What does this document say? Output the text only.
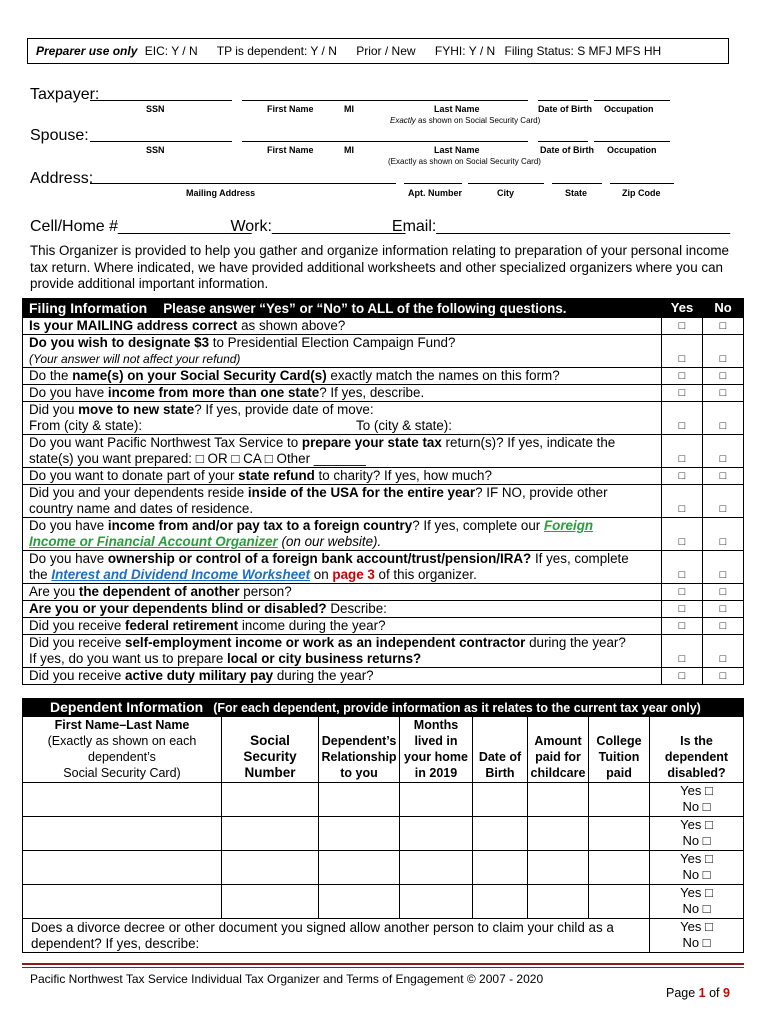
Preparer use only EIC: Y / N TP is dependent: Y / N Prior / New FYHI: Y / N Filing Status: S MFJ MFS HH
Taxpayer:
SSN	First Name	MI	Last Name	Date of Birth Occupation
Exactly as shown on Social Security Card)
Spouse:
SSN	First Name	MI	Last Name	Date of Birth Occupation
(Exactly as shown on Social Security Card)
Address:
Mailing Address	Apt. Number	City	State	Zip Code
Cell/Home #_______________ Work:_______________ Email:_________________________________
This Organizer is provided to help you gather and organize information relating to preparation of your personal income tax return. Where indicated, we have provided additional worksheets and other specialized organizers where you can provide additional important information.
Filing Information Please answer “Yes” or “No” to ALL of the following questions.	Yes	No
Is your MAILING address correct as shown above?	□	□
Do you wish to designate $3 to Presidential Election Campaign Fund?
(Your answer will not affect your refund)	□	□
Do the name(s) on your Social Security Card(s) exactly match the names on this form?	□	□
Do you have income from more than one state? If yes, describe.	□	□
Did you move to new state? If yes, provide date of move:
From (city & state): To (city & state):	□	□
Do you want Pacific Northwest Tax Service to prepare your state tax return(s)? If yes, indicate the
state(s) you want prepared: □ OR □ CA □ Other _______	□	□
Do you want to donate part of your state refund to charity? If yes, how much?	□	□
Did you and your dependents reside inside of the USA for the entire year? IF NO, provide other
country name and dates of residence.	□	□
Do you have income from and/or pay tax to a foreign country? If yes, complete our Foreign
Income or Financial Account Organizer (on our website).	□	□
Do you have ownership or control of a foreign bank account/trust/pension/IRA? If yes, complete
the Interest and Dividend Income Worksheet on page 3 of this organizer.	□	□
Are you the dependent of another person?	□	□
Are you or your dependents blind or disabled? Describe:	□	□
Did you receive federal retirement income during the year?	□	□
Did you receive self-employment income or work as an independent contractor during the year?
If yes, do you want us to prepare local or city business returns?	□	□
Did you receive active duty military pay during the year?	□	□
Dependent Information (For each dependent, provide information as it relates to the current tax year only)
First Name–Last Name
(Exactly as shown on each
dependent’s
Social Security Card)	Social Security Number	Dependent’s Relationship to you	Months lived in your home in 2019	Date of Birth	Amount paid for childcare	College Tuition paid	Is the dependent disabled?
							Yes □
No □
							Yes □
No □
							Yes □
No □
							Yes □
No □
Does a divorce decree or other document you signed allow another person to claim your child as a dependent? If yes, describe:							Yes □
No □
Pacific Northwest Tax Service Individual Tax Organizer and Terms of Engagement © 2007 - 2020
Page 1 of 9
